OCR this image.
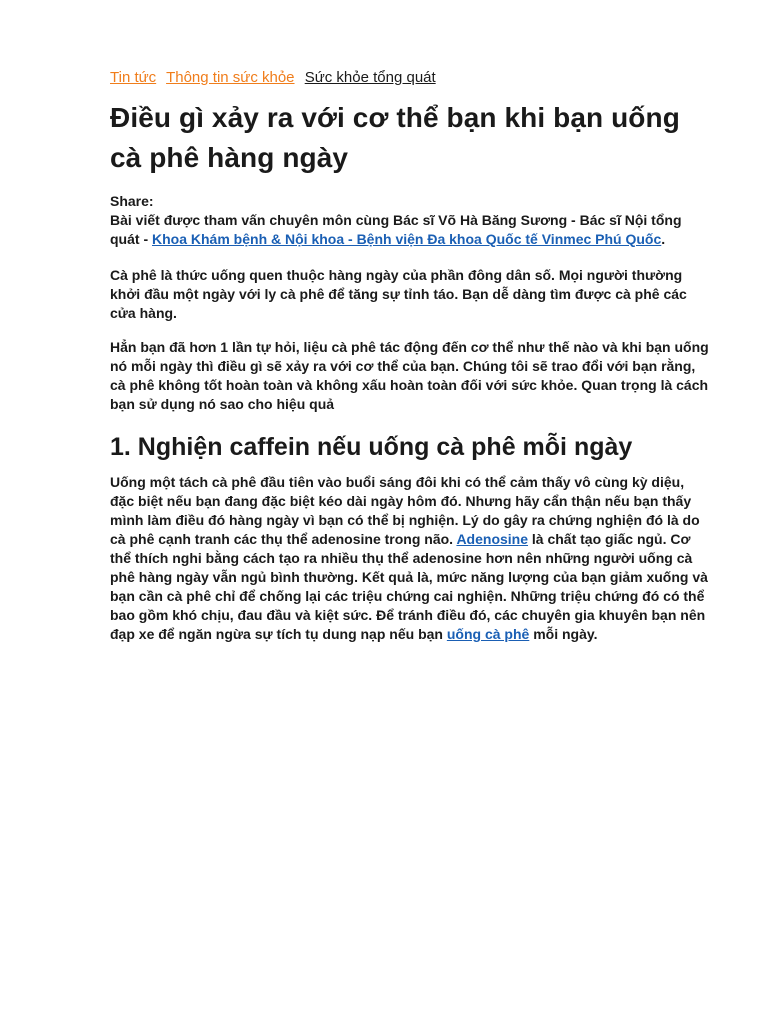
Tin tức Thông tin sức khỏe Sức khỏe tổng quát
Điều gì xảy ra với cơ thể bạn khi bạn uống cà phê hàng ngày
Share:

Bài viết được tham vấn chuyên môn cùng Bác sĩ Võ Hà Băng Sương - Bác sĩ Nội tổng quát - Khoa Khám bệnh & Nội khoa - Bệnh viện Đa khoa Quốc tế Vinmec Phú Quốc.

Cà phê là thức uống quen thuộc hàng ngày của phần đông dân số. Mọi người thường khởi đầu một ngày với ly cà phê để tăng sự tỉnh táo. Bạn dễ dàng tìm được cà phê các cửa hàng.

Hẳn bạn đã hơn 1 lần tự hỏi, liệu cà phê tác động đến cơ thể như thế nào và khi bạn uống nó mỗi ngày thì điều gì sẽ xảy ra với cơ thể của bạn. Chúng tôi sẽ trao đổi với bạn rằng, cà phê không tốt hoàn toàn và không xấu hoàn toàn đối với sức khỏe. Quan trọng là cách bạn sử dụng nó sao cho hiệu quả

1. Nghiện caffein nếu uống cà phê mỗi ngày

Uống một tách cà phê đầu tiên vào buổi sáng đôi khi có thể cảm thấy vô cùng kỳ diệu, đặc biệt nếu bạn đang đặc biệt kéo dài ngày hôm đó. Nhưng hãy cẩn thận nếu bạn thấy mình làm điều đó hàng ngày vì bạn có thể bị nghiện. Lý do gây ra chứng nghiện đó là do cà phê cạnh tranh các thụ thể adenosine trong não. Adenosine là chất tạo giấc ngủ. Cơ thể thích nghi bằng cách tạo ra nhiều thụ thể adenosine hơn nên những người uống cà phê hàng ngày vẫn ngủ bình thường. Kết quả là, mức năng lượng của bạn giảm xuống và bạn cần cà phê chỉ để chống lại các triệu chứng cai nghiện. Những triệu chứng đó có thể bao gồm khó chịu, đau đầu và kiệt sức. Để tránh điều đó, các chuyên gia khuyên bạn nên đạp xe để ngăn ngừa sự tích tụ dung nạp nếu bạn uống cà phê mỗi ngày.
